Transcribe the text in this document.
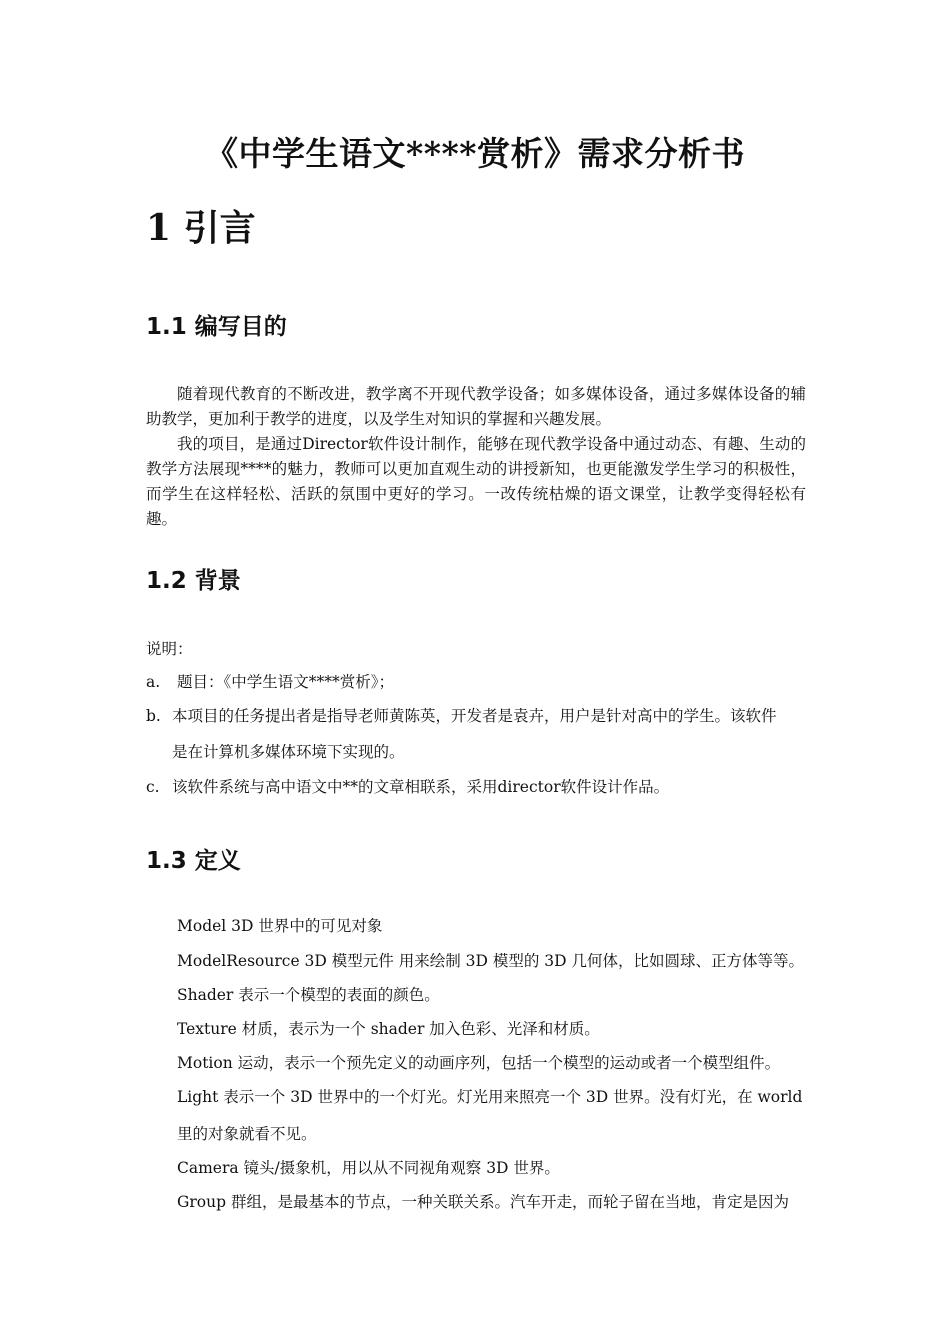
《中学生语文****赏析》需求分析书
1 引言
1.1 编写目的
随着现代教育的不断改进，教学离不开现代教学设备；如多媒体设备，通过多媒体设备的辅助教学，更加利于教学的进度，以及学生对知识的掌握和兴趣发展。
我的项目，是通过Director软件设计制作，能够在现代教学设备中通过动态、有趣、生动的教学方法展现****的魅力，教师可以更加直观生动的讲授新知，也更能激发学生学习的积极性，而学生在这样轻松、活跃的氛围中更好的学习。一改传统枯燥的语文课堂，让教学变得轻松有趣。
1.2 背景
说明：
a. 题目：《中学生语文****赏析》；
b. 本项目的任务提出者是指导老师黄陈英，开发者是袁卉，用户是针对高中的学生。该软件
是在计算机多媒体环境下实现的。
c. 该软件系统与高中语文中**的文章相联系，采用director软件设计作品。
1.3 定义
Model 3D 世界中的可见对象
ModelResource 3D 模型元件 用来绘制 3D 模型的 3D 几何体，比如圆球、正方体等等。
Shader 表示一个模型的表面的颜色。
Texture 材质，表示为一个 shader 加入色彩、光泽和材质。
Motion 运动，表示一个预先定义的动画序列，包括一个模型的运动或者一个模型组件。
Light 表示一个 3D 世界中的一个灯光。灯光用来照亮一个 3D 世界。没有灯光，在 world
里的对象就看不见。
Camera 镜头/摄象机，用以从不同视角观察 3D 世界。
Group 群组，是最基本的节点，一种关联关系。汽车开走，而轮子留在当地，肯定是因为
